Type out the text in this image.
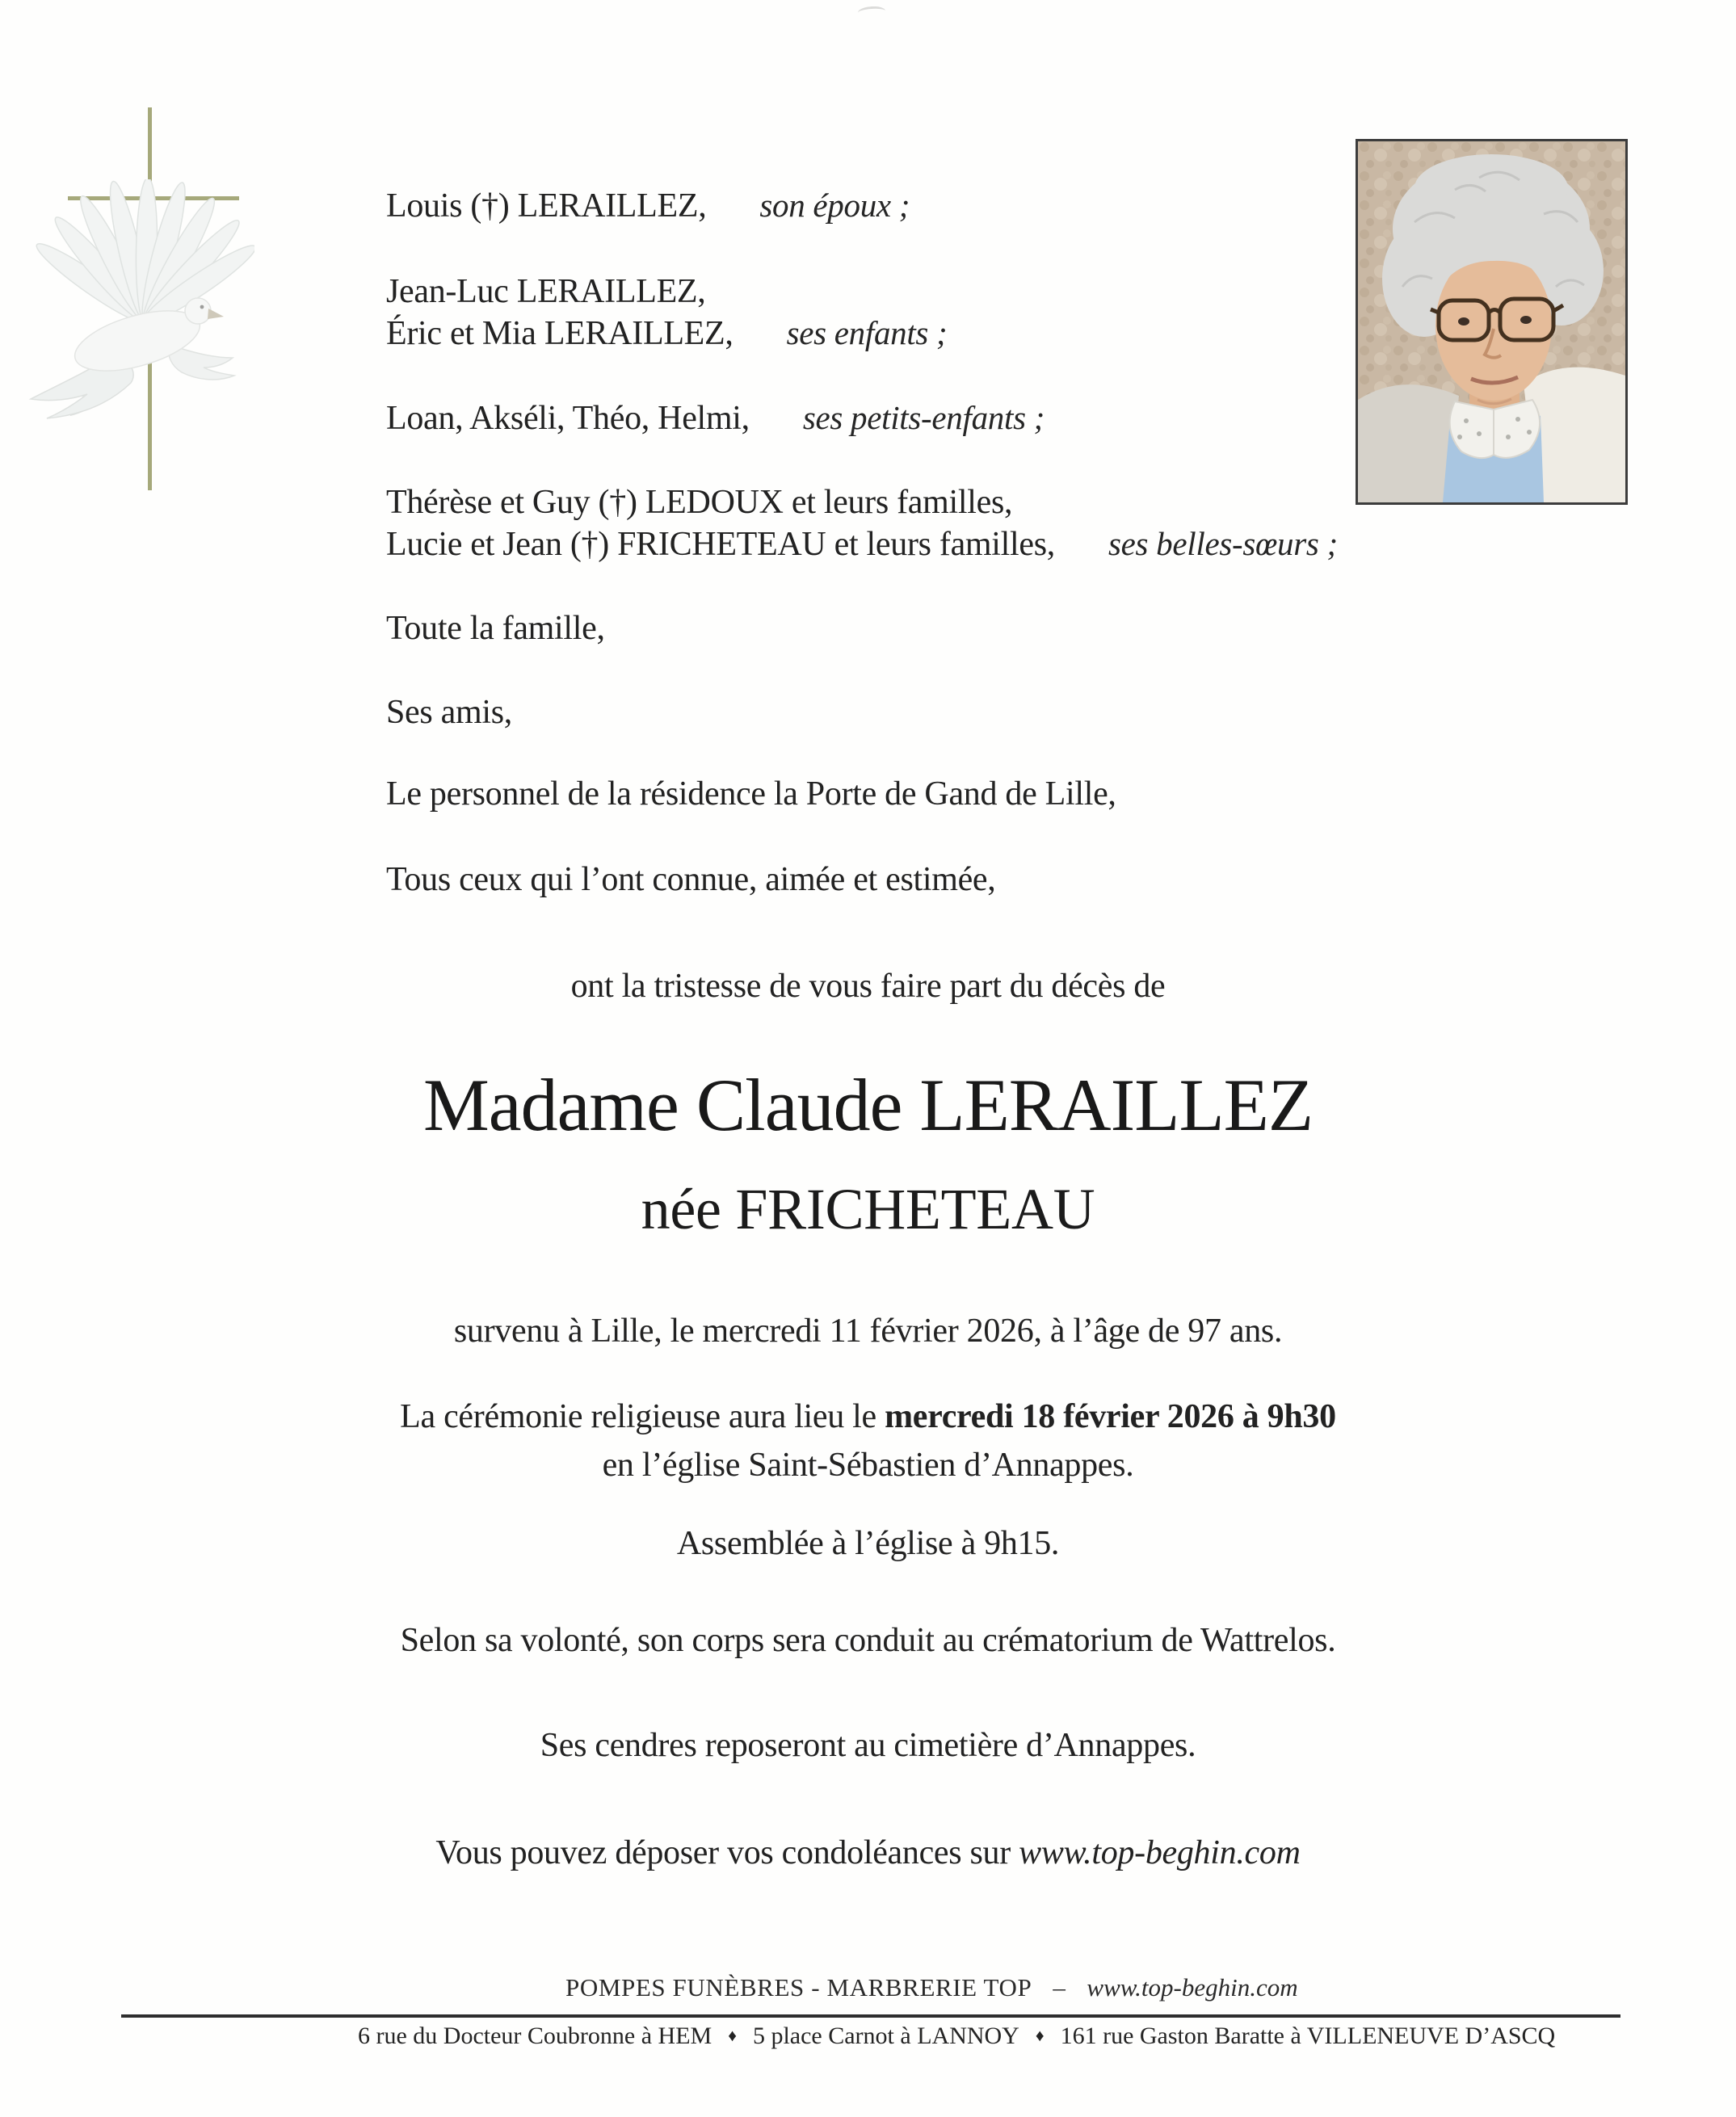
Louis (†) LERAILLEZ, son époux ;
Jean-Luc LERAILLEZ,
Éric et Mia LERAILLEZ, ses enfants ;
Loan, Akséli, Théo, Helmi, ses petits-enfants ;
Thérèse et Guy (†) LEDOUX et leurs familles,
Lucie et Jean (†) FRICHETEAU et leurs familles, ses belles-sœurs ;
Toute la famille,
Ses amis,
Le personnel de la résidence la Porte de Gand de Lille,
Tous ceux qui l’ont connue, aimée et estimée,
ont la tristesse de vous faire part du décès de
Madame Claude LERAILLEZ
née FRICHETEAU
survenu à Lille, le mercredi 11 février 2026, à l’âge de 97 ans.
La cérémonie religieuse aura lieu le mercredi 18 février 2026 à 9h30
en l’église Saint-Sébastien d’Annappes.
Assemblée à l’église à 9h15.
Selon sa volonté, son corps sera conduit au crématorium de Wattrelos.
Ses cendres reposeront au cimetière d’Annappes.
Vous pouvez déposer vos condoléances sur www.top-beghin.com
POMPES FUNÈBRES - MARBRERIE TOP – www.top-beghin.com
6 rue du Docteur Coubronne à HEM ♦ 5 place Carnot à LANNOY ♦ 161 rue Gaston Baratte à VILLENEUVE D’ASCQ
